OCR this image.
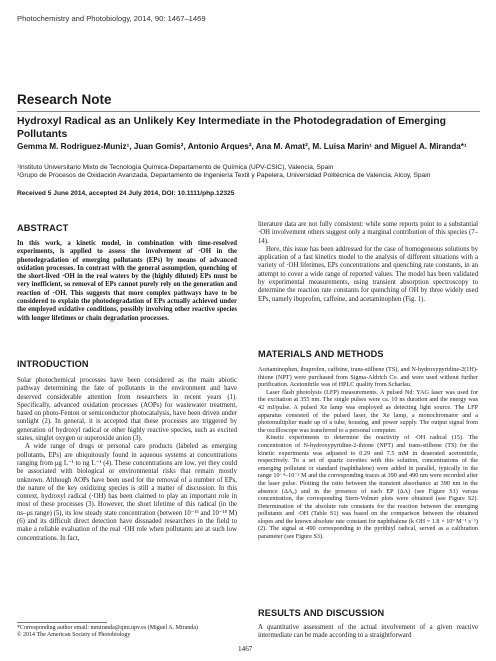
Photochemistry and Photobiology, 2014, 90: 1467–1469
Research Note
Hydroxyl Radical as an Unlikely Key Intermediate in the Photodegradation of Emerging Pollutants
Gemma M. Rodriguez-Muniz¹, Juan Gomis², Antonio Arques², Ana M. Amat², M. Luisa Marin¹ and Miguel A. Miranda*¹
¹Instituto Universitario Mixto de Tecnología Química-Departamento de Química (UPV-CSIC), Valencia, Spain
²Grupo de Procesos de Oxidación Avanzada, Departamento de Ingeniería Textil y Papelera, Universidad Politécnica de Valencia, Alcoy, Spain
Received 5 June 2014, accepted 24 July 2014, DOI: 10.1111/php.12325
ABSTRACT

In this work, a kinetic model, in combination with time-resolved experiments, is applied to assess the involvement of ·OH in the photodegradation of emerging pollutants (EPs) by means of advanced oxidation processes. In contrast with the general assumption, quenching of the short-lived ·OH in the real waters by the (highly diluted) EPs must be very inefficient, so removal of EPs cannot purely rely on the generation and reaction of ·OH. This suggests that more complex pathways have to be considered to explain the photodegradation of EPs actually achieved under the employed oxidative conditions, possibly involving other reactive species with longer lifetimes or chain degradation processes.

INTRODUCTION

Solar photochemical processes have been considered as the main abiotic pathway determining the fate of pollutants in the environment and have deserved considerable attention from researchers in recent years (1). Specifically, advanced oxidation processes (AOPs) for wastewater treatment, based on photo-Fenton or semiconductor photocatalysis, have been driven under sunlight (2). In general, it is accepted that these processes are triggered by generation of hydroxyl radical or other highly reactive species, such as excited states, singlet oxygen or superoxide anion (3).

A wide range of drugs or personal care products (labeled as emerging pollutants, EPs) are ubiquitously found in aqueous systems at concentrations ranging from μg L⁻¹ to ng L⁻¹ (4). These concentrations are low, yet they could be associated with biological or environmental risks that remain mostly unknown. Although AOPs have been used for the removal of a number of EPs, the nature of the key oxidizing species is still a matter of discussion. In this context, hydroxyl radical (·OH) has been claimed to play an important role in most of these processes (3). However, the short lifetime of this radical (in the ns–μs range) (5), its low steady state concentration (between 10⁻¹⁵ and 10⁻¹⁸ M) (6) and its difficult direct detection have dissuaded researchers in the field to make a reliable evaluation of the real ·OH role when pollutants are at such low concentrations. In fact,

*Corresponding author email: mmiranda@qim.upv.es (Miguel A. Miranda)
© 2014 The American Society of Photobiology

literature data are not fully consistent: while some reports point to a substantial ·OH involvement others suggest only a marginal contribution of this species (7–14).

Here, this issue has been addressed for the case of homogeneous solutions by application of a fast kinetics model to the analysis of different situations with a variety of ·OH lifetimes, EPs concentrations and quenching rate constants, in an attempt to cover a wide range of reported values. The model has been validated by experimental measurements, using transient absorption spectroscopy to determine the reaction rate constants for quenching of OH by three widely used EPs, namely ibuprofen, caffeine, and acetaminophen (Fig. 1).

MATERIALS AND METHODS

Acetaminophen, ibuprofen, caffeine, trans-stilbene (TS), and N-hydroxypyridine-2(1H)-thione (NPT) were purchased from Sigma-Aldrich Co. and were used without further purification. Acetonitrile was of HPLC quality from Scharlau.

Laser flash photolysis (LFP) measurements. A pulsed Nd: YAG laser was used for the excitation at 355 nm. The single pulses were ca. 10 ns duration and the energy was 42 mJ/pulse. A pulsed Xe lamp was employed as detecting light source. The LFP apparatus consisted of the pulsed laser, the Xe lamp, a monochromator and a photomultiplier made up of a tube, housing, and power supply. The output signal from the oscilloscope was transferred to a personal computer.

Kinetic experiments to determine the reactivity of ·OH radical (15). The concentration of N-hydroxypyridine-2-thione (NPT) and trans-stilbene (TS) for the kinetic experiments was adjusted to 0.29 and 7.5 mM in deaerated acetonitrile, respectively. To a set of quartz cuvettes with this solution, concentrations of the emerging pollutant or standard (naphthalene) were added in parallel, typically in the range 10⁻⁴–10⁻² M and the corresponding traces at 390 and 490 nm were recorded after the laser pulse. Plotting the ratio between the transient absorbance at 390 nm in the absence (ΔA₀) and in the presence of each EP (ΔA) (see Figure S1) versus concentration, the corresponding Stern-Volmer plots were obtained (see Figure S2). Determination of the absolute rate constants for the reaction between the emerging pollutants and ·OH (Table S1) was based on the comparison between the obtained slopes and the known absolute rate constant for naphthalene (k·OH = 1.8 × 10⁹ M⁻¹ s⁻¹) (2). The signal at 490 corresponding to the pyrithiyl radical, served as a calibration parameter (see Figure S3).

RESULTS AND DISCUSSION

A quantitative assessment of the actual involvement of a given reactive intermediate can be made according to a straightforward

1467
